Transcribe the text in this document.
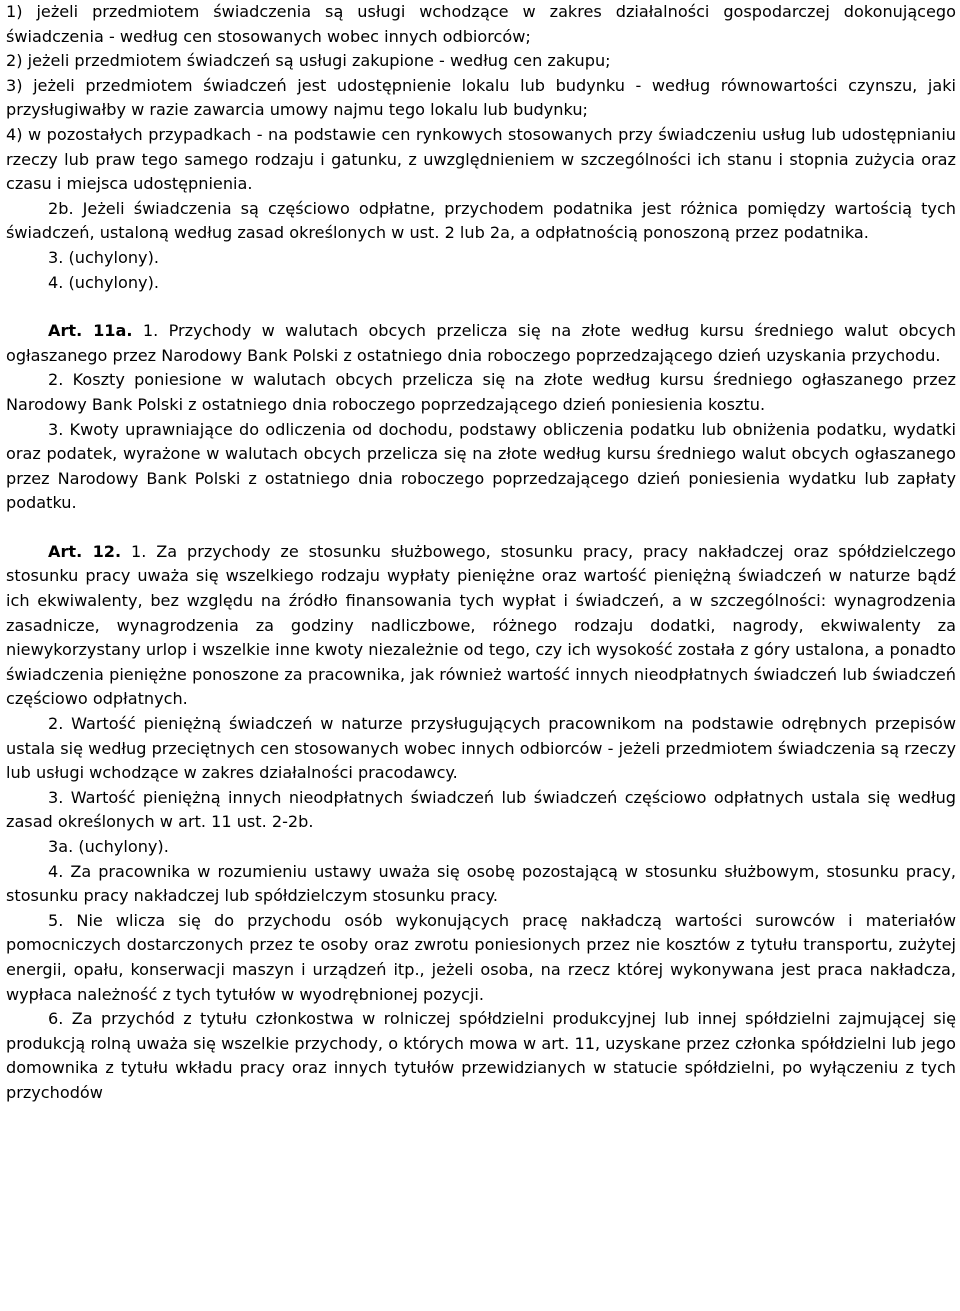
1) jeżeli przedmiotem świadczenia są usługi wchodzące w zakres działalności gospodarczej dokonującego świadczenia - według cen stosowanych wobec innych odbiorców;

2) jeżeli przedmiotem świadczeń są usługi zakupione - według cen zakupu;

3) jeżeli przedmiotem świadczeń jest udostępnienie lokalu lub budynku - według równowartości czynszu, jaki przysługiwałby w razie zawarcia umowy najmu tego lokalu lub budynku;

4) w pozostałych przypadkach - na podstawie cen rynkowych stosowanych przy świadczeniu usług lub udostępnianiu rzeczy lub praw tego samego rodzaju i gatunku, z uwzględnieniem w szczególności ich stanu i stopnia zużycia oraz czasu i miejsca udostępnienia.

2b. Jeżeli świadczenia są częściowo odpłatne, przychodem podatnika jest różnica pomiędzy wartością tych świadczeń, ustaloną według zasad określonych w ust. 2 lub 2a, a odpłatnością ponoszoną przez podatnika.

3. (uchylony).

4. (uchylony).

Art. 11a. 1. Przychody w walutach obcych przelicza się na złote według kursu średniego walut obcych ogłaszanego przez Narodowy Bank Polski z ostatniego dnia roboczego poprzedzającego dzień uzyskania przychodu.

2. Koszty poniesione w walutach obcych przelicza się na złote według kursu średniego ogłaszanego przez Narodowy Bank Polski z ostatniego dnia roboczego poprzedzającego dzień poniesienia kosztu.

3. Kwoty uprawniające do odliczenia od dochodu, podstawy obliczenia podatku lub obniżenia podatku, wydatki oraz podatek, wyrażone w walutach obcych przelicza się na złote według kursu średniego walut obcych ogłaszanego przez Narodowy Bank Polski z ostatniego dnia roboczego poprzedzającego dzień poniesienia wydatku lub zapłaty podatku.

Art. 12. 1. Za przychody ze stosunku służbowego, stosunku pracy, pracy nakładczej oraz spółdzielczego stosunku pracy uważa się wszelkiego rodzaju wypłaty pieniężne oraz wartość pieniężną świadczeń w naturze bądź ich ekwiwalenty, bez względu na źródło finansowania tych wypłat i świadczeń, a w szczególności: wynagrodzenia zasadnicze, wynagrodzenia za godziny nadliczbowe, różnego rodzaju dodatki, nagrody, ekwiwalenty za niewykorzystany urlop i wszelkie inne kwoty niezależnie od tego, czy ich wysokość została z góry ustalona, a ponadto świadczenia pieniężne ponoszone za pracownika, jak również wartość innych nieodpłatnych świadczeń lub świadczeń częściowo odpłatnych.

2. Wartość pieniężną świadczeń w naturze przysługujących pracownikom na podstawie odrębnych przepisów ustala się według przeciętnych cen stosowanych wobec innych odbiorców - jeżeli przedmiotem świadczenia są rzeczy lub usługi wchodzące w zakres działalności pracodawcy.

3. Wartość pieniężną innych nieodpłatnych świadczeń lub świadczeń częściowo odpłatnych ustala się według zasad określonych w art. 11 ust. 2-2b.

3a. (uchylony).

4. Za pracownika w rozumieniu ustawy uważa się osobę pozostającą w stosunku służbowym, stosunku pracy, stosunku pracy nakładczej lub spółdzielczym stosunku pracy.

5. Nie wlicza się do przychodu osób wykonujących pracę nakładczą wartości surowców i materiałów pomocniczych dostarczonych przez te osoby oraz zwrotu poniesionych przez nie kosztów z tytułu transportu, zużytej energii, opału, konserwacji maszyn i urządzeń itp., jeżeli osoba, na rzecz której wykonywana jest praca nakładcza, wypłaca należność z tych tytułów w wyodrębnionej pozycji.

6. Za przychód z tytułu członkostwa w rolniczej spółdzielni produkcyjnej lub innej spółdzielni zajmującej się produkcją rolną uważa się wszelkie przychody, o których mowa w art. 11, uzyskane przez członka spółdzielni lub jego domownika z tytułu wkładu pracy oraz innych tytułów przewidzianych w statucie spółdzielni, po wyłączeniu z tych przychodów
